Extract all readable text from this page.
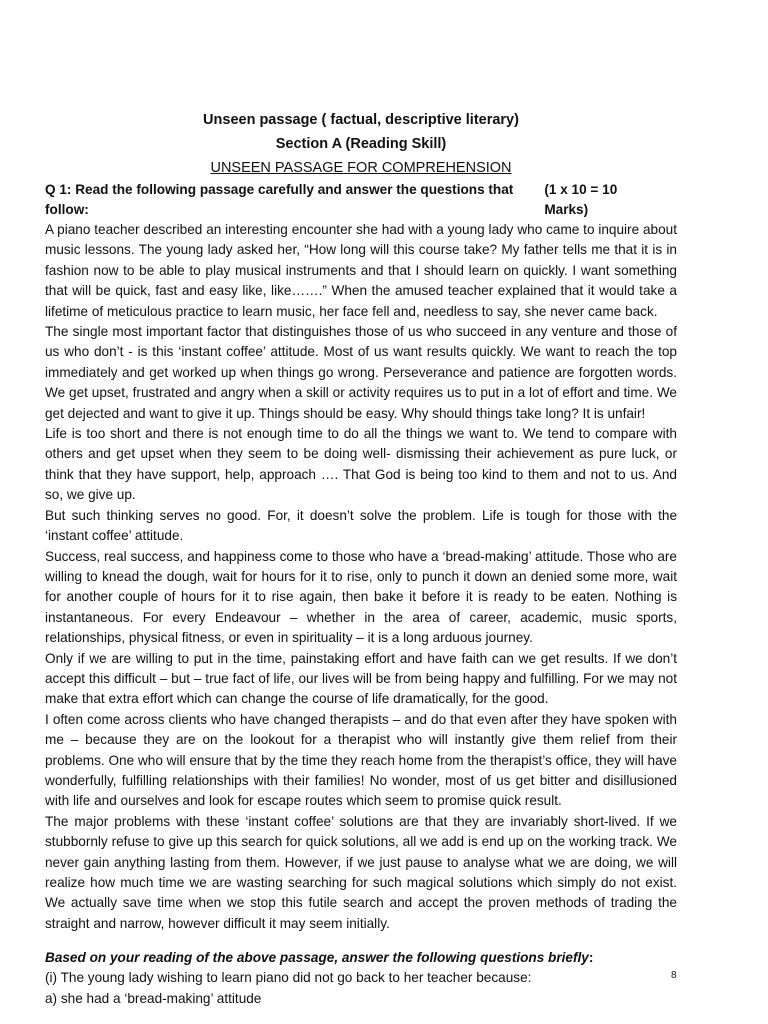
Unseen passage ( factual, descriptive literary)
Section A (Reading Skill)
UNSEEN PASSAGE FOR COMPREHENSION
Q 1: Read the following passage carefully and answer the questions that follow:
(1 x 10 = 10 Marks)

A piano teacher described an interesting encounter she had with a young lady who came to inquire about music lessons. The young lady asked her, “How long will this course take? My father tells me that it is in fashion now to be able to play musical instruments and that I should learn on quickly. I want something that will be quick, fast and easy like, like…….” When the amused teacher explained that it would take a lifetime of meticulous practice to learn music, her face fell and, needless to say, she never came back.

The single most important factor that distinguishes those of us who succeed in any venture and those of us who don’t - is this ‘instant coffee’ attitude. Most of us want results quickly. We want to reach the top immediately and get worked up when things go wrong. Perseverance and patience are forgotten words. We get upset, frustrated and angry when a skill or activity requires us to put in a lot of effort and time. We get dejected and want to give it up. Things should be easy. Why should things take long? It is unfair!

Life is too short and there is not enough time to do all the things we want to. We tend to compare with others and get upset when they seem to be doing well- dismissing their achievement as pure luck, or think that they have support, help, approach …. That God is being too kind to them and not to us. And so, we give up.

But such thinking serves no good. For, it doesn’t solve the problem. Life is tough for those with the ‘instant coffee’ attitude.

Success, real success, and happiness come to those who have a ‘bread-making’ attitude. Those who are willing to knead the dough, wait for hours for it to rise, only to punch it down an denied some more, wait for another couple of hours for it to rise again, then bake it before it is ready to be eaten. Nothing is instantaneous. For every Endeavour – whether in the area of career, academic, music sports, relationships, physical fitness, or even in spirituality – it is a long arduous journey.

Only if we are willing to put in the time, painstaking effort and have faith can we get results. If we don’t accept this difficult – but – true fact of life, our lives will be from being happy and fulfilling. For we may not make that extra effort which can change the course of life dramatically, for the good.

I often come across clients who have changed therapists – and do that even after they have spoken with me – because they are on the lookout for a therapist who will instantly give them relief from their problems. One who will ensure that by the time they reach home from the therapist’s office, they will have wonderfully, fulfilling relationships with their families! No wonder, most of us get bitter and disillusioned with life and ourselves and look for escape routes which seem to promise quick result.

The major problems with these ‘instant coffee’ solutions are that they are invariably short-lived. If we stubbornly refuse to give up this search for quick solutions, all we add is end up on the working track. We never gain anything lasting from them. However, if we just pause to analyse what we are doing, we will realize how much time we are wasting searching for such magical solutions which simply do not exist. We actually save time when we stop this futile search and accept the proven methods of trading the straight and narrow, however difficult it may seem initially.

Based on your reading of the above passage, answer the following questions briefly:

(i) The young lady wishing to learn piano did not go back to her teacher because:

a) she had a ‘bread-making’ attitude

8
